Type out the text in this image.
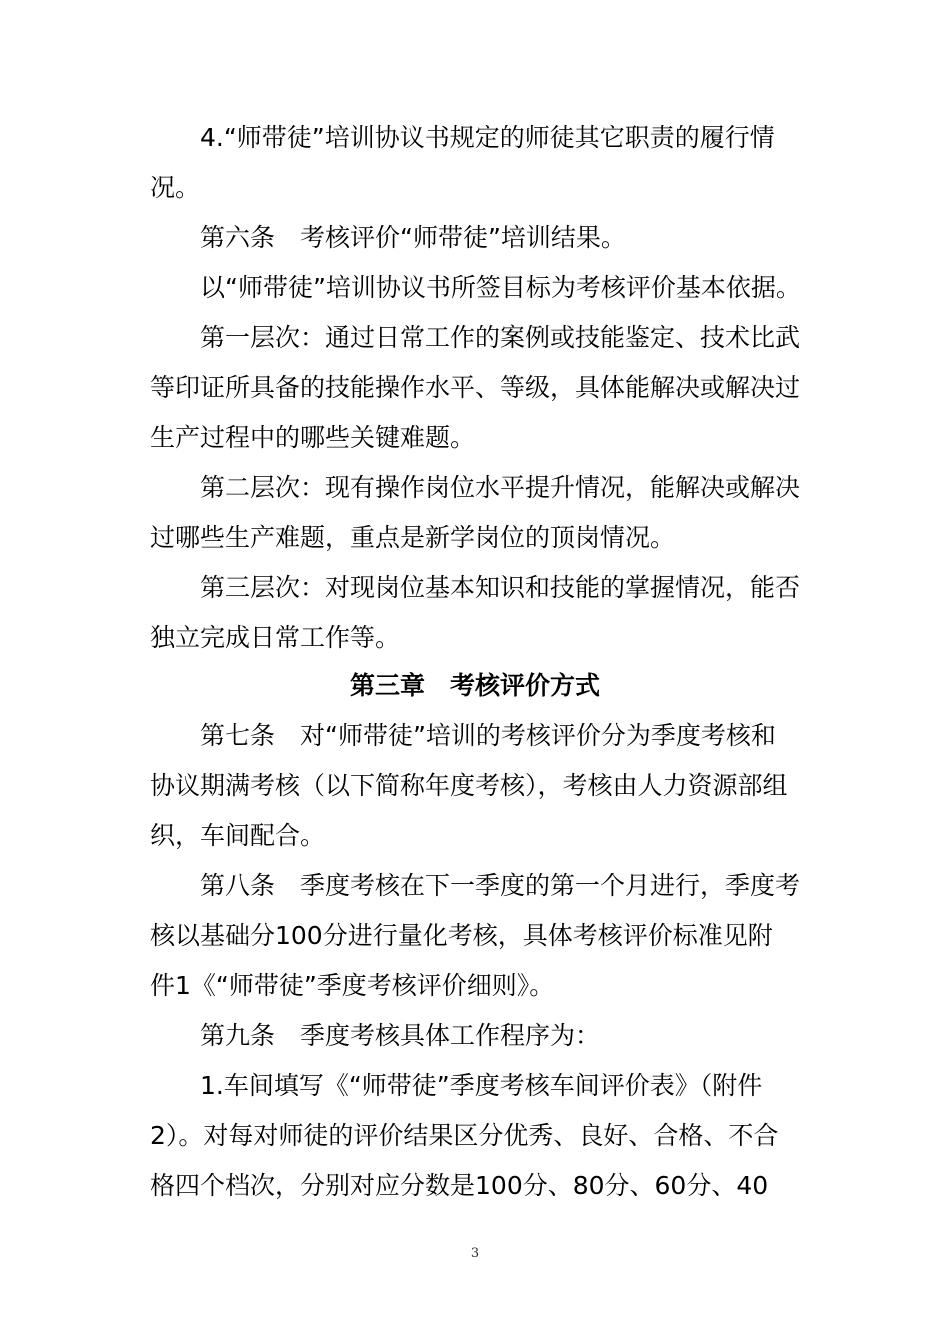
4.“师带徒”培训协议书规定的师徒其它职责的履行情
况。
第六条　考核评价“师带徒”培训结果。
以“师带徒”培训协议书所签目标为考核评价基本依据。
第一层次：通过日常工作的案例或技能鉴定、技术比武
等印证所具备的技能操作水平、等级，具体能解决或解决过
生产过程中的哪些关键难题。
第二层次：现有操作岗位水平提升情况，能解决或解决
过哪些生产难题，重点是新学岗位的顶岗情况。
第三层次：对现岗位基本知识和技能的掌握情况，能否
独立完成日常工作等。
第三章　考核评价方式
第七条　对“师带徒”培训的考核评价分为季度考核和
协议期满考核（以下简称年度考核），考核由人力资源部组
织，车间配合。
第八条　季度考核在下一季度的第一个月进行，季度考
核以基础分100分进行量化考核，具体考核评价标准见附
件1《“师带徒”季度考核评价细则》。
第九条　季度考核具体工作程序为：
1.车间填写《“师带徒”季度考核车间评价表》（附件
2）。对每对师徒的评价结果区分优秀、良好、合格、不合
格四个档次，分别对应分数是100分、80分、60分、40
3
